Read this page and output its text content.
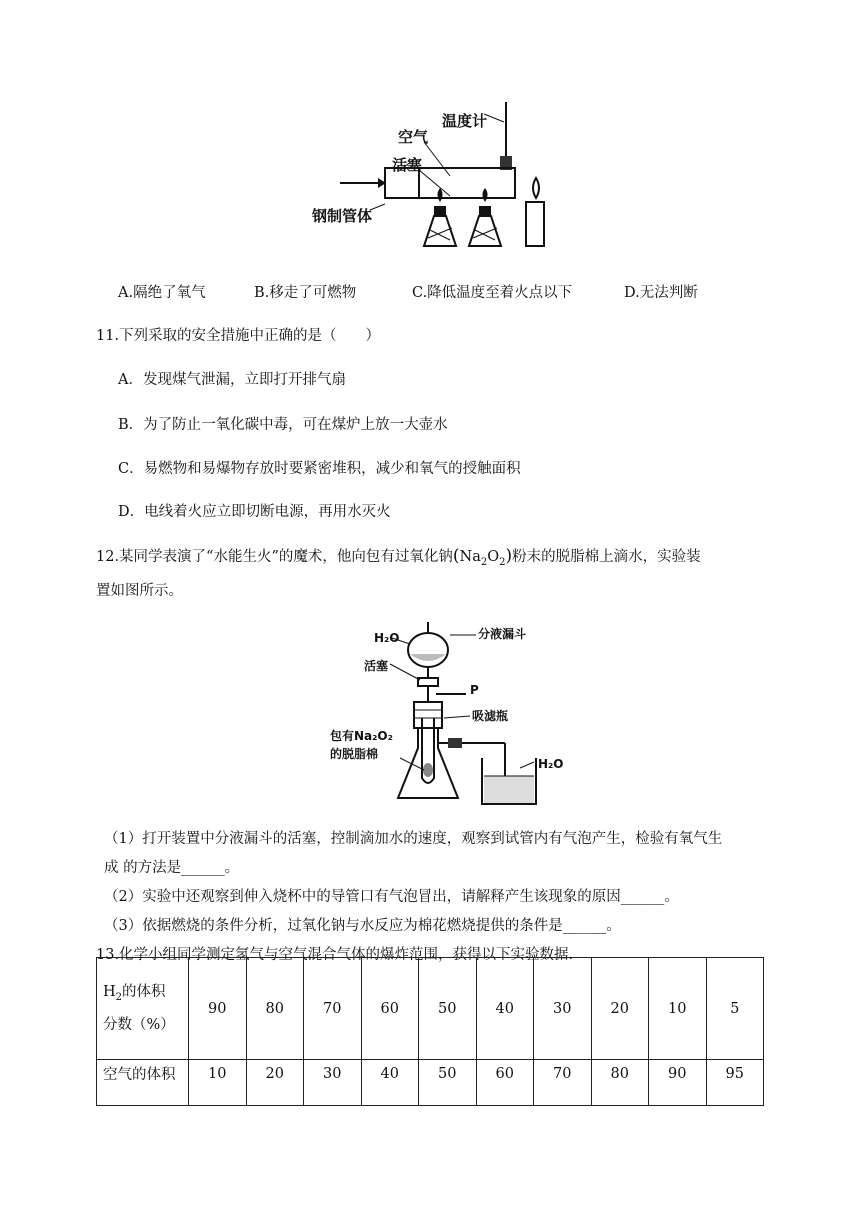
空气
温度计
活塞
钢制管体
A.隔绝了氧气	B.移走了可燃物	C.降低温度至着火点以下	D.无法判断
11.下列采取的安全措施中正确的是（　　）
A．发现煤气泄漏，立即打开排气扇
B．为了防止一氧化碳中毒，可在煤炉上放一大壶水
C．易燃物和易爆物存放时要紧密堆积，减少和氧气的授触面积
D．电线着火应立即切断电源，再用水灭火
12.某同学表演了“水能生火”的魔术，他向包有过氧化钠$(Na_2O_2)$粉末的脱脂棉上滴水，实验装
置如图所示。
H₂O	分液漏斗
活塞
P
吸滤瓶
包有Na₂O₂
的脱脂棉
H₂O
（1）打开装置中分液漏斗的活塞，控制滴加水的速度，观察到试管内有气泡产生，检验有氧气生
成 的方法是______。
（2）实验中还观察到伸入烧杯中的导管口有气泡冒出，请解释产生该现象的原因______。
（3）依据燃烧的条件分析，过氧化钠与水反应为棉花燃烧提供的条件是______。
13.化学小组同学测定氢气与空气混合气体的爆炸范围，获得以下实验数据.
$H_2$的体积
分数（%）	90	80	70	60	50	40	30	20	10	5
空气的体积	10	20	30	40	50	60	70	80	90	95
